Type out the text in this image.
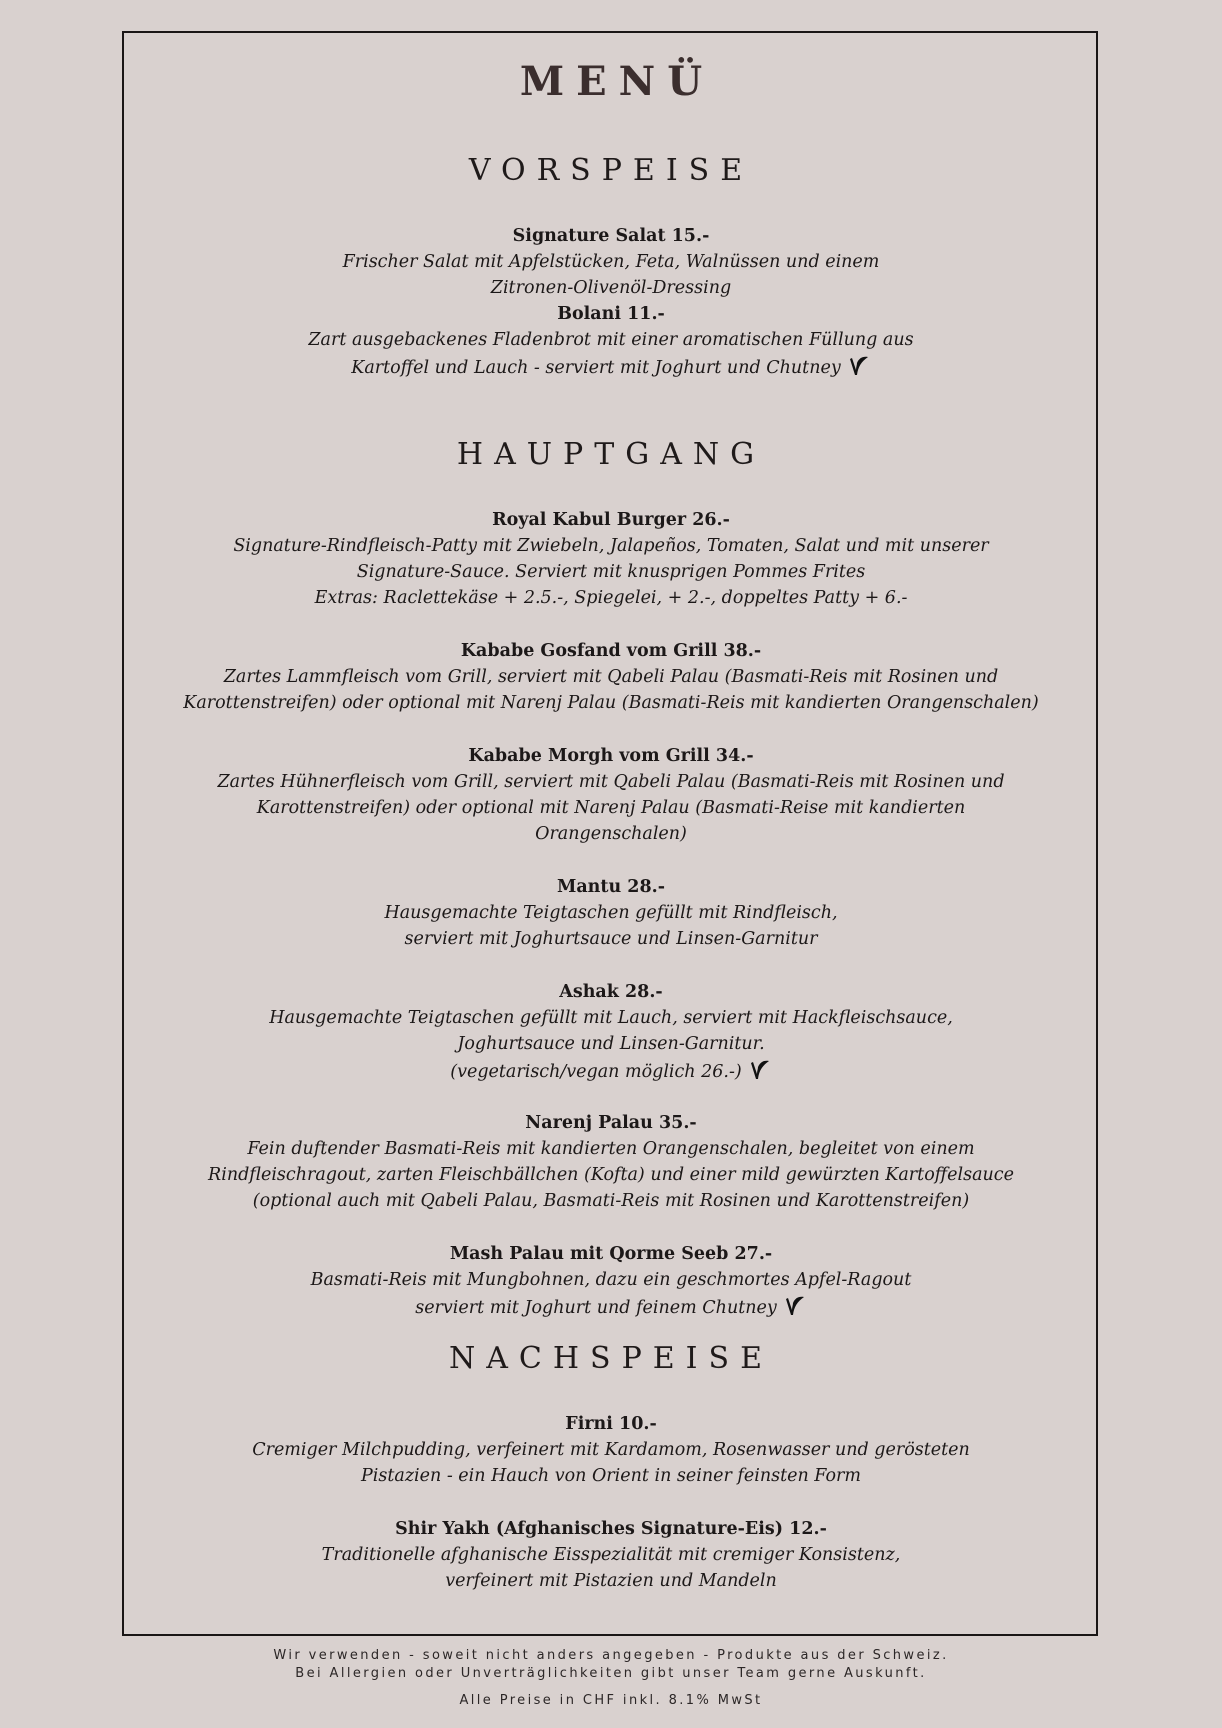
MENÜ
VORSPEISE
Signature Salat 15.-
Frischer Salat mit Apfelstücken, Feta, Walnüssen und einem
Zitronen-Olivenöl-Dressing
Bolani 11.-
Zart ausgebackenes Fladenbrot mit einer aromatischen Füllung aus
Kartoffel und Lauch - serviert mit Joghurt und Chutney
HAUPTGANG
Royal Kabul Burger 26.-
Signature-Rindfleisch-Patty mit Zwiebeln, Jalapeños, Tomaten, Salat und mit unserer
Signature-Sauce. Serviert mit knusprigen Pommes Frites
Extras: Raclettekäse + 2.5.-, Spiegelei, + 2.-, doppeltes Patty + 6.-
Kababe Gosfand vom Grill 38.-
Zartes Lammfleisch vom Grill, serviert mit Qabeli Palau (Basmati-Reis mit Rosinen und
Karottenstreifen) oder optional mit Narenj Palau (Basmati-Reis mit kandierten Orangenschalen)
Kababe Morgh vom Grill 34.-
Zartes Hühnerfleisch vom Grill, serviert mit Qabeli Palau (Basmati-Reis mit Rosinen und
Karottenstreifen) oder optional mit Narenj Palau (Basmati-Reise mit kandierten
Orangenschalen)
Mantu 28.-
Hausgemachte Teigtaschen gefüllt mit Rindfleisch,
serviert mit Joghurtsauce und Linsen-Garnitur
Ashak 28.-
Hausgemachte Teigtaschen gefüllt mit Lauch, serviert mit Hackfleischsauce,
Joghurtsauce und Linsen-Garnitur.
(vegetarisch/vegan möglich 26.-)
Narenj Palau 35.-
Fein duftender Basmati-Reis mit kandierten Orangenschalen, begleitet von einem
Rindfleischragout, zarten Fleischbällchen (Kofta) und einer mild gewürzten Kartoffelsauce
(optional auch mit Qabeli Palau, Basmati-Reis mit Rosinen und Karottenstreifen)
Mash Palau mit Qorme Seeb 27.-
Basmati-Reis mit Mungbohnen, dazu ein geschmortes Apfel-Ragout
serviert mit Joghurt und feinem Chutney
NACHSPEISE
Firni 10.-
Cremiger Milchpudding, verfeinert mit Kardamom, Rosenwasser und gerösteten
Pistazien - ein Hauch von Orient in seiner feinsten Form
Shir Yakh (Afghanisches Signature-Eis) 12.-
Traditionelle afghanische Eisspezialität mit cremiger Konsistenz,
verfeinert mit Pistazien und Mandeln
Wir verwenden - soweit nicht anders angegeben - Produkte aus der Schweiz.
Bei Allergien oder Unverträglichkeiten gibt unser Team gerne Auskunft.
Alle Preise in CHF inkl. 8.1% MwSt
